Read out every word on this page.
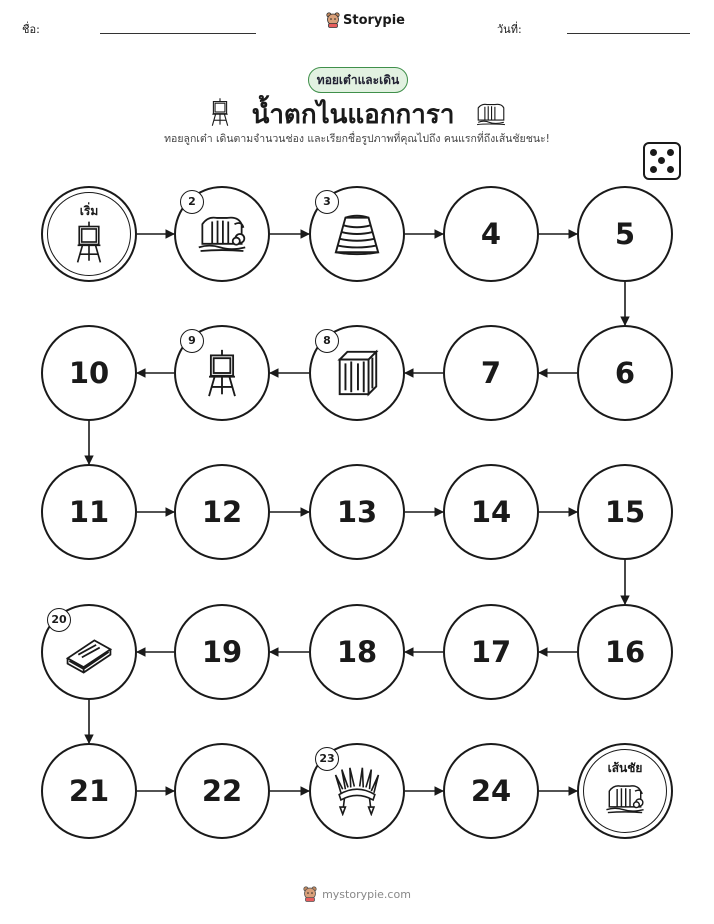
ชื่อ:
Storypie
วันที่:
ทอยเต๋าและเดิน
น้ำตกไนแอกการา
ทอยลูกเต๋า เดินตามจำนวนช่อง และเรียกชื่อรูปภาพที่คุณไปถึง คนแรกที่ถึงเส้นชัยชนะ!
เริ่ม
2	3
4	5
6
7
8
9
10
11	12	13	14	15
16
17
18
19
20
21	22
23
24
เส้นชัย
mystorypie.com
